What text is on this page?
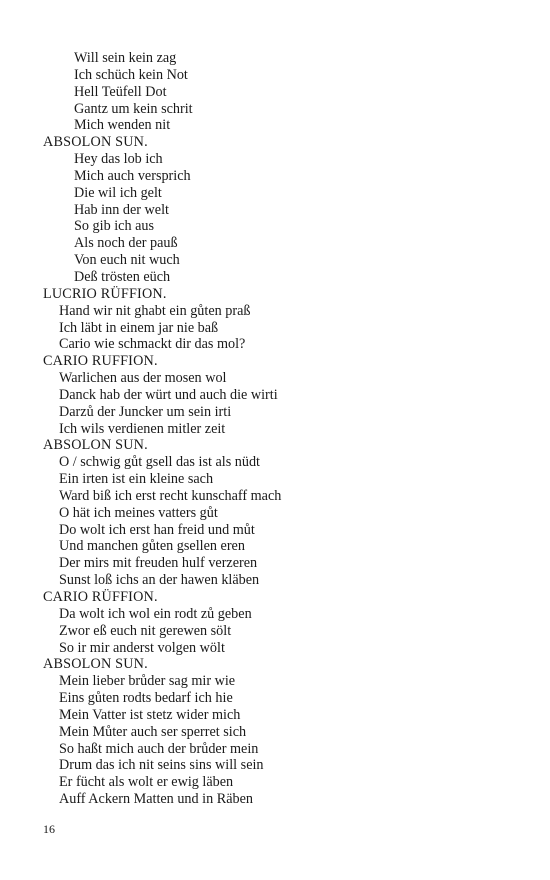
Will sein kein zag
Ich schüch kein Not
Hell Teüfell Dot
Gantz um kein schrit
Mich wenden nit
ABSOLON SUN.
Hey das lob ich
Mich auch versprich
Die wil ich gelt
Hab inn der welt
So gib ich aus
Als noch der pauß
Von euch nit wuch
Deß trösten eüch
LUCRIO RÜFFION.
Hand wir nit ghabt ein gůten praß
Ich läbt in einem jar nie baß
Cario wie schmackt dir das mol?
CARIO RUFFION.
Warlichen aus der mosen wol
Danck hab der würt und auch die wirti
Darzů der Juncker um sein irti
Ich wils verdienen mitler zeit
ABSOLON SUN.
O / schwig gůt gsell das ist als nüdt
Ein irten ist ein kleine sach
Ward biß ich erst recht kunschaff mach
O hät ich meines vatters gůt
Do wolt ich erst han freid und můt
Und manchen gůten gsellen eren
Der mirs mit freuden hulf verzeren
Sunst loß ichs an der hawen kläben
CARIO RÜFFION.
Da wolt ich wol ein rodt zů geben
Zwor eß euch nit gerewen sölt
So ir mir anderst volgen wölt
ABSOLON SUN.
Mein lieber brůder sag mir wie
Eins gůten rodts bedarf ich hie
Mein Vatter ist stetz wider mich
Mein Můter auch ser sperret sich
So haßt mich auch der brůder mein
Drum das ich nit seins sins will sein
Er fücht als wolt er ewig läben
Auff Ackern Matten und in Räben
16
